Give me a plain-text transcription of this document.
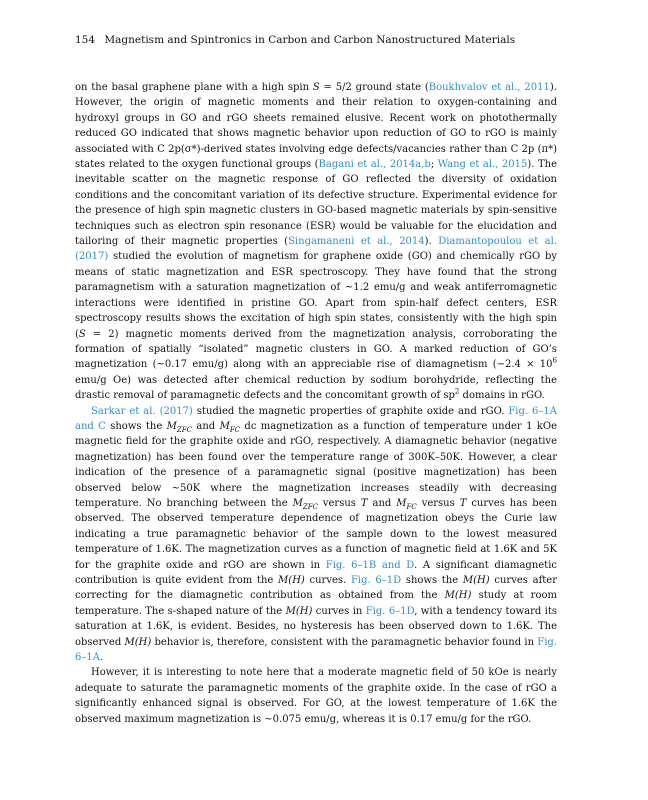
154 Magnetism and Spintronics in Carbon and Carbon Nanostructured Materials

on the basal graphene plane with a high spin S = 5/2 ground state (Boukhvalov et al., 2011). However, the origin of magnetic moments and their relation to oxygen-containing and hydroxyl groups in GO and rGO sheets remained elusive. Recent work on photothermally reduced GO indicated that shows magnetic behavior upon reduction of GO to rGO is mainly associated with C 2p(σ*)-derived states involving edge defects/vacancies rather than C 2p (π*) states related to the oxygen functional groups (Bagani et al., 2014a,b; Wang et al., 2015). The inevitable scatter on the magnetic response of GO reflected the diversity of oxidation conditions and the concomitant variation of its defective structure. Experimental evidence for the presence of high spin magnetic clusters in GO-based magnetic materials by spin-sensitive techniques such as electron spin resonance (ESR) would be valuable for the elucidation and tailoring of their magnetic properties (Singamaneni et al., 2014). Diamantopoulou et al. (2017) studied the evolution of magnetism for graphene oxide (GO) and chemically rGO by means of static magnetization and ESR spectroscopy. They have found that the strong paramagnetism with a saturation magnetization of ~1.2 emu/g and weak antiferromagnetic interactions were identified in pristine GO. Apart from spin-half defect centers, ESR spectroscopy results shows the excitation of high spin states, consistently with the high spin (S = 2) magnetic moments derived from the magnetization analysis, corroborating the formation of spatially “isolated” magnetic clusters in GO. A marked reduction of GO’s magnetization (~0.17 emu/g) along with an appreciable rise of diamagnetism ($-2.4 \times 10^6$ emu/g Oe) was detected after chemical reduction by sodium borohydride, reflecting the drastic removal of paramagnetic defects and the concomitant growth of $sp^2$ domains in rGO.

Sarkar et al. (2017) studied the magnetic properties of graphite oxide and rGO. Fig. 6–1A and C shows the $M_{ZFC}$ and $M_{FC}$ dc magnetization as a function of temperature under 1 kOe magnetic field for the graphite oxide and rGO, respectively. A diamagnetic behavior (negative magnetization) has been found over the temperature range of 300K–50K. However, a clear indication of the presence of a paramagnetic signal (positive magnetization) has been observed below ~50K where the magnetization increases steadily with decreasing temperature. No branching between the $M_{ZFC}$ versus T and $M_{FC}$ versus T curves has been observed. The observed temperature dependence of magnetization obeys the Curie law indicating a true paramagnetic behavior of the sample down to the lowest measured temperature of 1.6K. The magnetization curves as a function of magnetic field at 1.6K and 5K for the graphite oxide and rGO are shown in Fig. 6–1B and D. A significant diamagnetic contribution is quite evident from the M(H) curves. Fig. 6–1D shows the M(H) curves after correcting for the diamagnetic contribution as obtained from the M(H) study at room temperature. The s-shaped nature of the M(H) curves in Fig. 6–1D, with a tendency toward its saturation at 1.6K, is evident. Besides, no hysteresis has been observed down to 1.6K. The observed M(H) behavior is, therefore, consistent with the paramagnetic behavior found in Fig. 6–1A.

However, it is interesting to note here that a moderate magnetic field of 50 kOe is nearly adequate to saturate the paramagnetic moments of the graphite oxide. In the case of rGO a significantly enhanced signal is observed. For GO, at the lowest temperature of 1.6K the observed maximum magnetization is ~0.075 emu/g, whereas it is 0.17 emu/g for the rGO.
